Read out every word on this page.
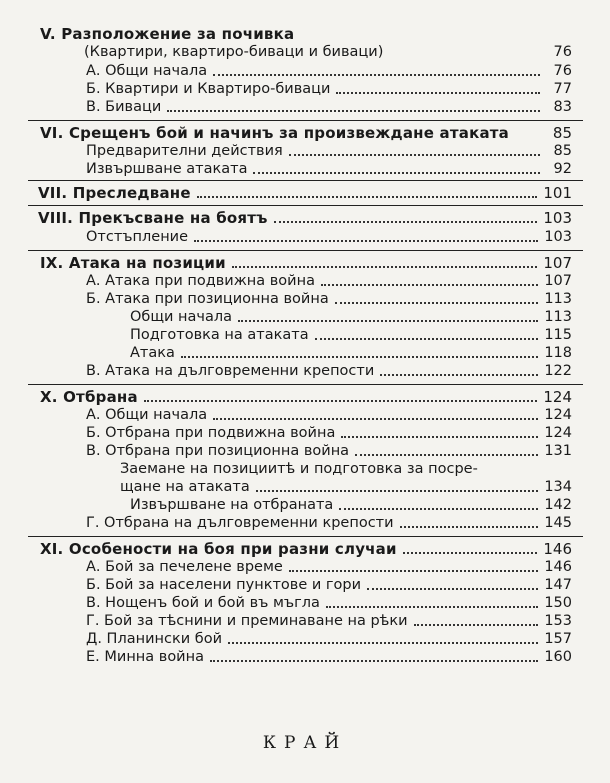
V. Разположение за почивка
(Квартири, квартиро-биваци и биваци)	76
А. Общи начала	76
Б. Квартири и Квартиро-биваци	77
В. Биваци	83
VI. Срещенъ бой и начинъ за произвеждане атаката	85
Предварителни действия	85
Извършване атаката	92
VII. Преследване	101
VIII. Прекъсване на боятъ	103
Отстъпление	103
IX. Атака на позиции	107
А. Атака при подвижна война	107
Б. Атака при позиционна война	113
Общи начала	113
Подготовка на атаката	115
Атака	118
В. Атака на дълговременни крепости	122
X. Отбрана	124
А. Общи начала	124
Б. Отбрана при подвижна война	124
В. Отбрана при позиционна война	131
Заемане на позициитѣ и подготовка за посре-
щане на атаката	134
Извършване на отбраната	142
Г. Отбрана на дълговременни крепости	145
XI. Особености на боя при разни случаи	146
А. Бой за печелене време	146
Б. Бой за населени пунктове и гори	147
В. Нощенъ бой и бой въ мъгла	150
Г. Бой за тѣснини и преминаване на рѣки	153
Д. Планински бой	157
Е. Минна война	160
КРАЙ
